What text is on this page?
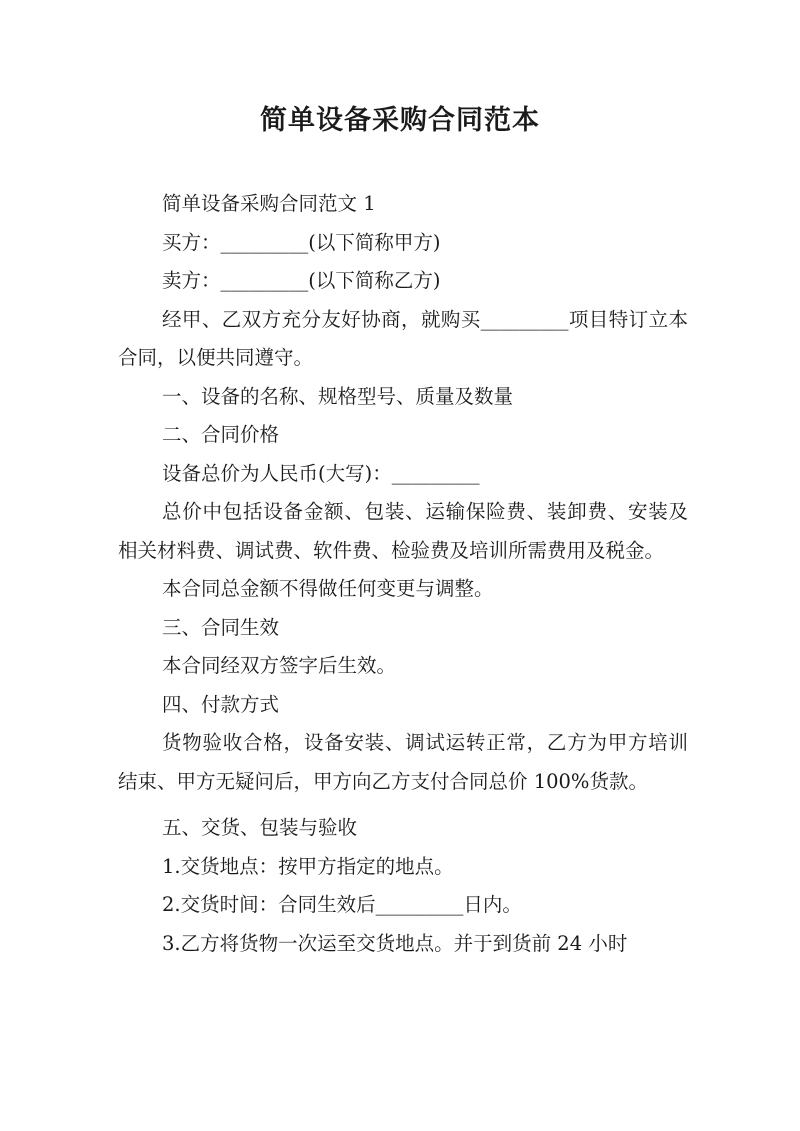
简单设备采购合同范本

简单设备采购合同范文 1

买方：_________(以下简称甲方)

卖方：_________(以下简称乙方)

经甲、乙双方充分友好协商，就购买_________项目特订立本合同，以便共同遵守。

一、设备的名称、规格型号、质量及数量

二、合同价格

设备总价为人民币(大写)：_________

总价中包括设备金额、包装、运输保险费、装卸费、安装及相关材料费、调试费、软件费、检验费及培训所需费用及税金。

本合同总金额不得做任何变更与调整。

三、合同生效

本合同经双方签字后生效。

四、付款方式

货物验收合格，设备安装、调试运转正常，乙方为甲方培训结束、甲方无疑问后，甲方向乙方支付合同总价 100%货款。

五、交货、包装与验收

1.交货地点：按甲方指定的地点。

2.交货时间：合同生效后_________日内。

3.乙方将货物一次运至交货地点。并于到货前 24 小时
